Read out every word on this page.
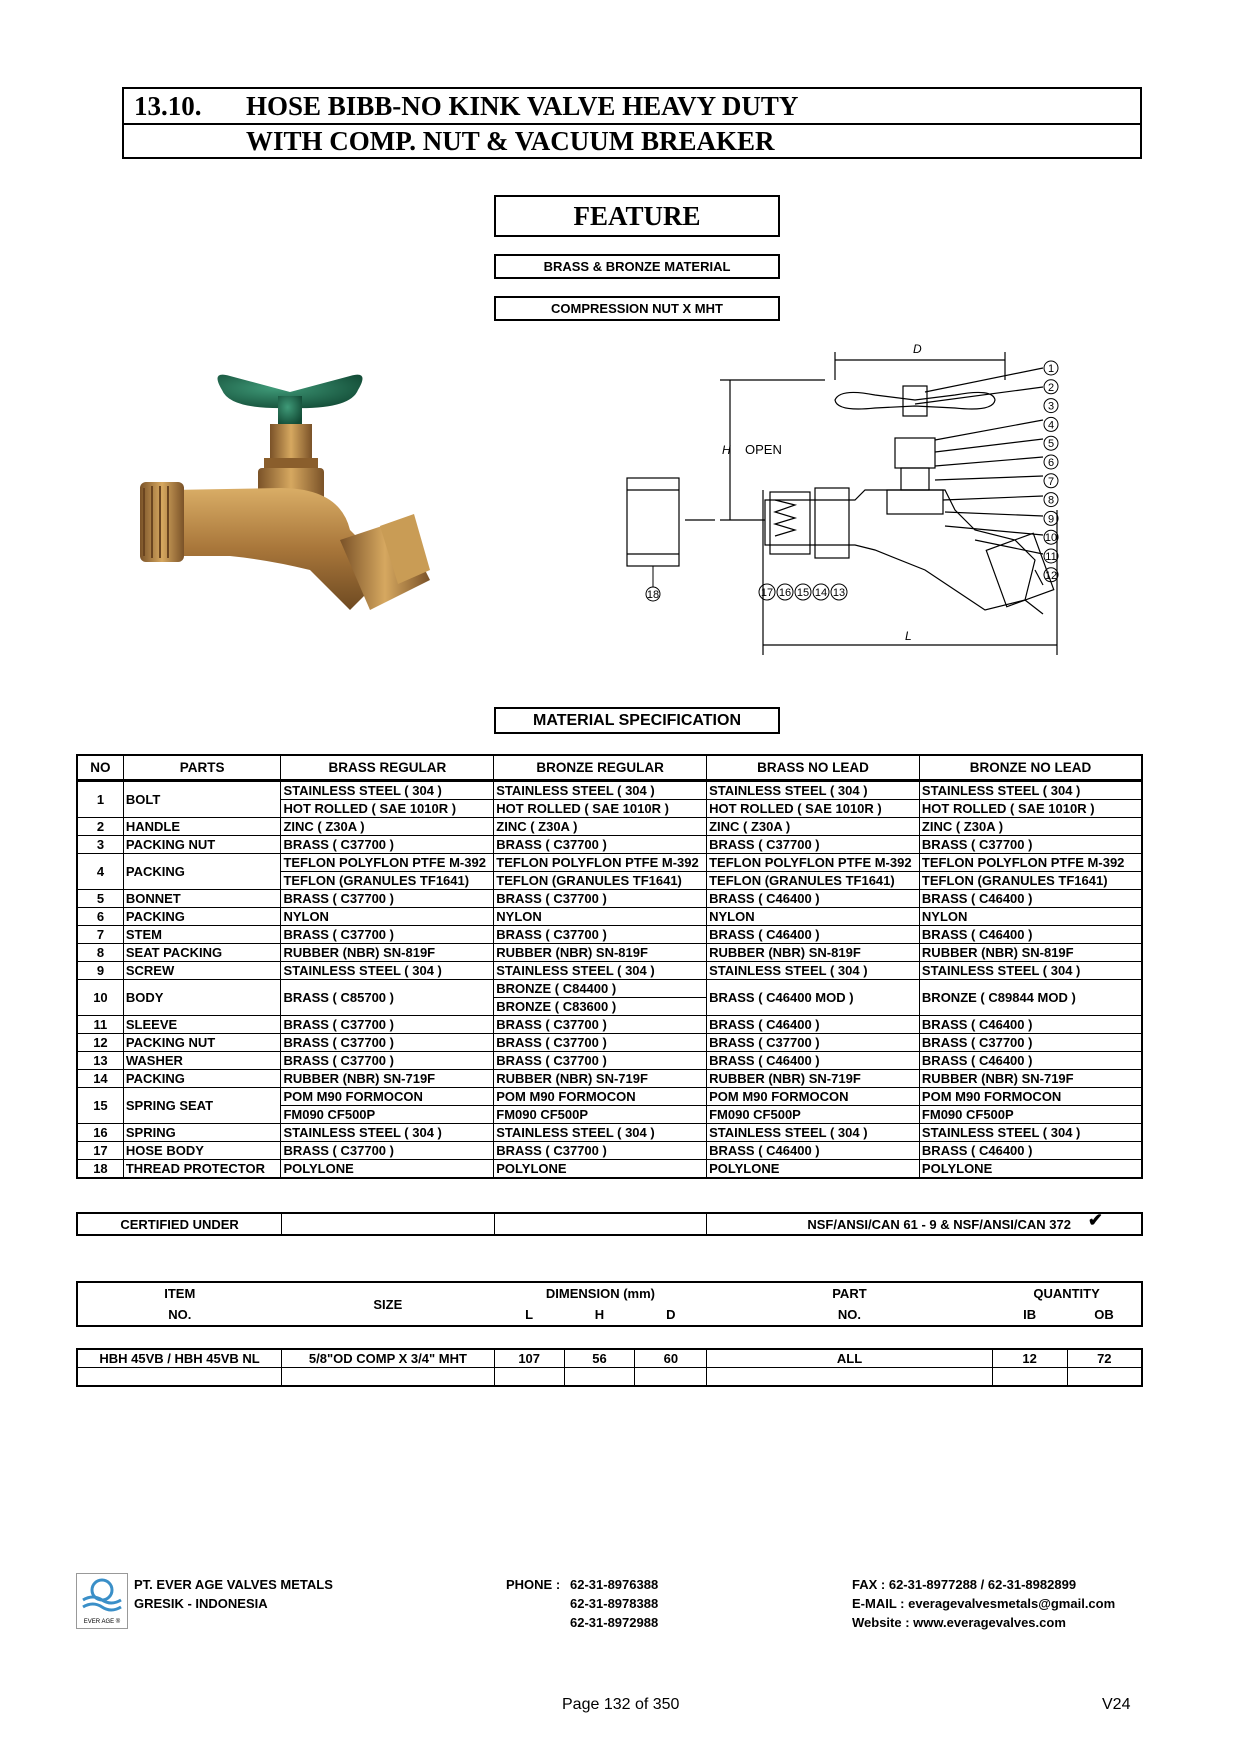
13.10. HOSE BIBB-NO KINK VALVE HEAVY DUTY
WITH COMP. NUT & VACUUM BREAKER
FEATURE
BRASS & BRONZE MATERIAL
COMPRESSION NUT X MHT
D
H OPEN
L
1
2
3
4
5
6
7
8
9
10
11
12
17 16 15 14 13
18
MATERIAL SPECIFICATION
NO	PARTS	BRASS REGULAR	BRONZE REGULAR	BRASS NO LEAD	BRONZE NO LEAD
1	BOLT	STAINLESS STEEL ( 304 )	STAINLESS STEEL ( 304 )	STAINLESS STEEL ( 304 )	STAINLESS STEEL ( 304 )
		HOT ROLLED ( SAE 1010R )	HOT ROLLED ( SAE 1010R )	HOT ROLLED ( SAE 1010R )	HOT ROLLED ( SAE 1010R )
2	HANDLE	ZINC ( Z30A )	ZINC ( Z30A )	ZINC ( Z30A )	ZINC ( Z30A )
3	PACKING NUT	BRASS ( C37700 )	BRASS ( C37700 )	BRASS ( C37700 )	BRASS ( C37700 )
4	PACKING	TEFLON POLYFLON PTFE M-392	TEFLON POLYFLON PTFE M-392	TEFLON POLYFLON PTFE M-392	TEFLON POLYFLON PTFE M-392
		TEFLON (GRANULES TF1641)	TEFLON (GRANULES TF1641)	TEFLON (GRANULES TF1641)	TEFLON (GRANULES TF1641)
5	BONNET	BRASS ( C37700 )	BRASS ( C37700 )	BRASS ( C46400 )	BRASS ( C46400 )
6	PACKING	NYLON	NYLON	NYLON	NYLON
7	STEM	BRASS ( C37700 )	BRASS ( C37700 )	BRASS ( C46400 )	BRASS ( C46400 )
8	SEAT PACKING	RUBBER (NBR) SN-819F	RUBBER (NBR) SN-819F	RUBBER (NBR) SN-819F	RUBBER (NBR) SN-819F
9	SCREW	STAINLESS STEEL ( 304 )	STAINLESS STEEL ( 304 )	STAINLESS STEEL ( 304 )	STAINLESS STEEL ( 304 )
10	BODY	BRASS ( C85700 )	BRONZE ( C84400 )	BRASS ( C46400 MOD )	BRONZE ( C89844 MOD )
			BRONZE ( C83600 )		
11	SLEEVE	BRASS ( C37700 )	BRASS ( C37700 )	BRASS ( C46400 )	BRASS ( C46400 )
12	PACKING NUT	BRASS ( C37700 )	BRASS ( C37700 )	BRASS ( C37700 )	BRASS ( C37700 )
13	WASHER	BRASS ( C37700 )	BRASS ( C37700 )	BRASS ( C46400 )	BRASS ( C46400 )
14	PACKING	RUBBER (NBR) SN-719F	RUBBER (NBR) SN-719F	RUBBER (NBR) SN-719F	RUBBER (NBR) SN-719F
15	SPRING SEAT	POM M90 FORMOCON	POM M90 FORMOCON	POM M90 FORMOCON	POM M90 FORMOCON
		FM090 CF500P	FM090 CF500P	FM090 CF500P	FM090 CF500P
16	SPRING	STAINLESS STEEL ( 304 )	STAINLESS STEEL ( 304 )	STAINLESS STEEL ( 304 )	STAINLESS STEEL ( 304 )
17	HOSE BODY	BRASS ( C37700 )	BRASS ( C37700 )	BRASS ( C46400 )	BRASS ( C46400 )
18	THREAD PROTECTOR	POLYLONE	POLYLONE	POLYLONE	POLYLONE
CERTIFIED UNDER			NSF/ANSI/CAN 61 - 9 & NSF/ANSI/CAN 372 ✔
ITEM	SIZE	DIMENSION (mm)			PART	QUANTITY	
NO.		L	H	D	NO.	IB	OB
HBH 45VB / HBH 45VB NL	5/8"OD COMP X 3/4" MHT	107	56	60	ALL	12	72

EVER AGE ®
PT. EVER AGE VALVES METALS
GRESIK - INDONESIA
PHONE : 62-31-8976388
62-31-8978388
62-31-8972988
FAX : 62-31-8977288 / 62-31-8982899
E-MAIL : everagevalvesmetals@gmail.com
Website : www.everagevalves.com
Page 132 of 350	V24
